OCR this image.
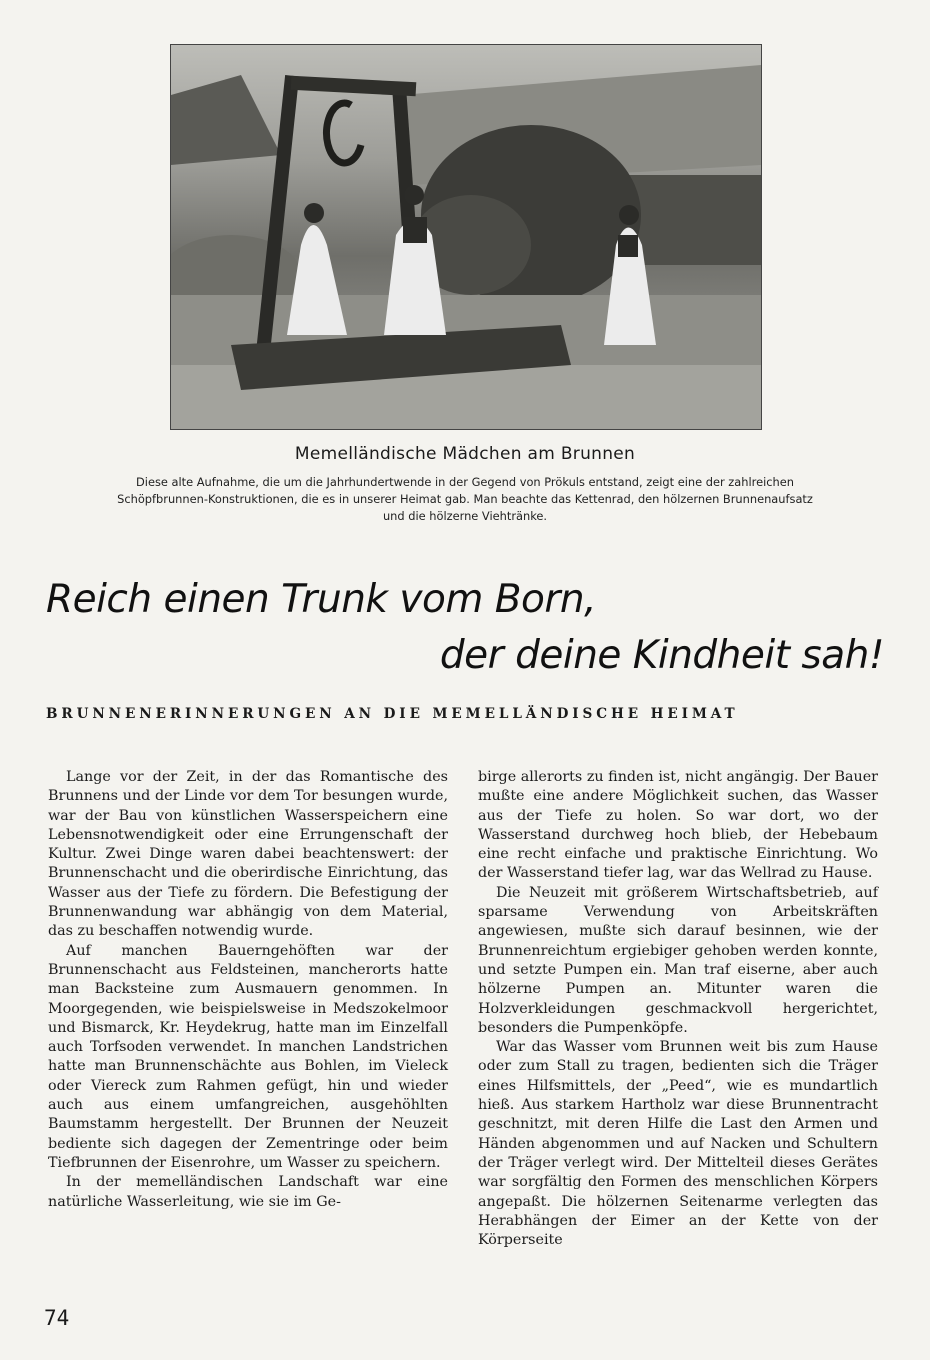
Memelländische Mädchen am Brunnen
Diese alte Aufnahme, die um die Jahrhundertwende in der Gegend von Prökuls entstand, zeigt eine der zahlreichen
Schöpfbrunnen-Konstruktionen, die es in unserer Heimat gab. Man beachte das Kettenrad, den hölzernen Brunnenaufsatz
und die hölzerne Viehtränke.
Reich einen Trunk vom Born,
der deine Kindheit sah!
BRUNNENERINNERUNGEN AN DIE MEMELLÄNDISCHE HEIMAT

Lange vor der Zeit, in der das Romantische des Brunnens und der Linde vor dem Tor besungen wurde, war der Bau von künstlichen Wasserspeichern eine Lebensnotwendigkeit oder eine Errungenschaft der Kultur. Zwei Dinge waren dabei beachtenswert: der Brunnenschacht und die oberirdische Einrichtung, das Wasser aus der Tiefe zu fördern. Die Befestigung der Brunnenwandung war abhängig von dem Material, das zu beschaffen notwendig wurde.

Auf manchen Bauerngehöften war der Brunnenschacht aus Feldsteinen, mancherorts hatte man Backsteine zum Ausmauern genommen. In Moorgegenden, wie beispielsweise in Medszokelmoor und Bismarck, Kr. Heydekrug, hatte man im Einzelfall auch Torfsoden verwendet. In manchen Landstrichen hatte man Brunnenschächte aus Bohlen, im Vieleck oder Viereck zum Rahmen gefügt, hin und wieder auch aus einem umfangreichen, ausgehöhlten Baumstamm hergestellt. Der Brunnen der Neuzeit bediente sich dagegen der Zementringe oder beim Tiefbrunnen der Eisenrohre, um Wasser zu speichern.

In der memelländischen Landschaft war eine natürliche Wasserleitung, wie sie im Ge-

birge allerorts zu finden ist, nicht angängig. Der Bauer mußte eine andere Möglichkeit suchen, das Wasser aus der Tiefe zu holen. So war dort, wo der Wasserstand durchweg hoch blieb, der Hebebaum eine recht einfache und praktische Einrichtung. Wo der Wasserstand tiefer lag, war das Wellrad zu Hause.

Die Neuzeit mit größerem Wirtschaftsbetrieb, auf sparsame Verwendung von Arbeitskräften angewiesen, mußte sich darauf besinnen, wie der Brunnenreichtum ergiebiger gehoben werden konnte, und setzte Pumpen ein. Man traf eiserne, aber auch hölzerne Pumpen an. Mitunter waren die Holzverkleidungen geschmackvoll hergerichtet, besonders die Pumpenköpfe.

War das Wasser vom Brunnen weit bis zum Hause oder zum Stall zu tragen, bedienten sich die Träger eines Hilfsmittels, der „Peed“, wie es mundartlich hieß. Aus starkem Hartholz war diese Brunnentracht geschnitzt, mit deren Hilfe die Last den Armen und Händen abgenommen und auf Nacken und Schultern der Träger verlegt wird. Der Mittelteil dieses Gerätes war sorgfältig den Formen des menschlichen Körpers angepaßt. Die hölzernen Seitenarme verlegten das Herabhängen der Eimer an der Kette von der Körperseite

74
